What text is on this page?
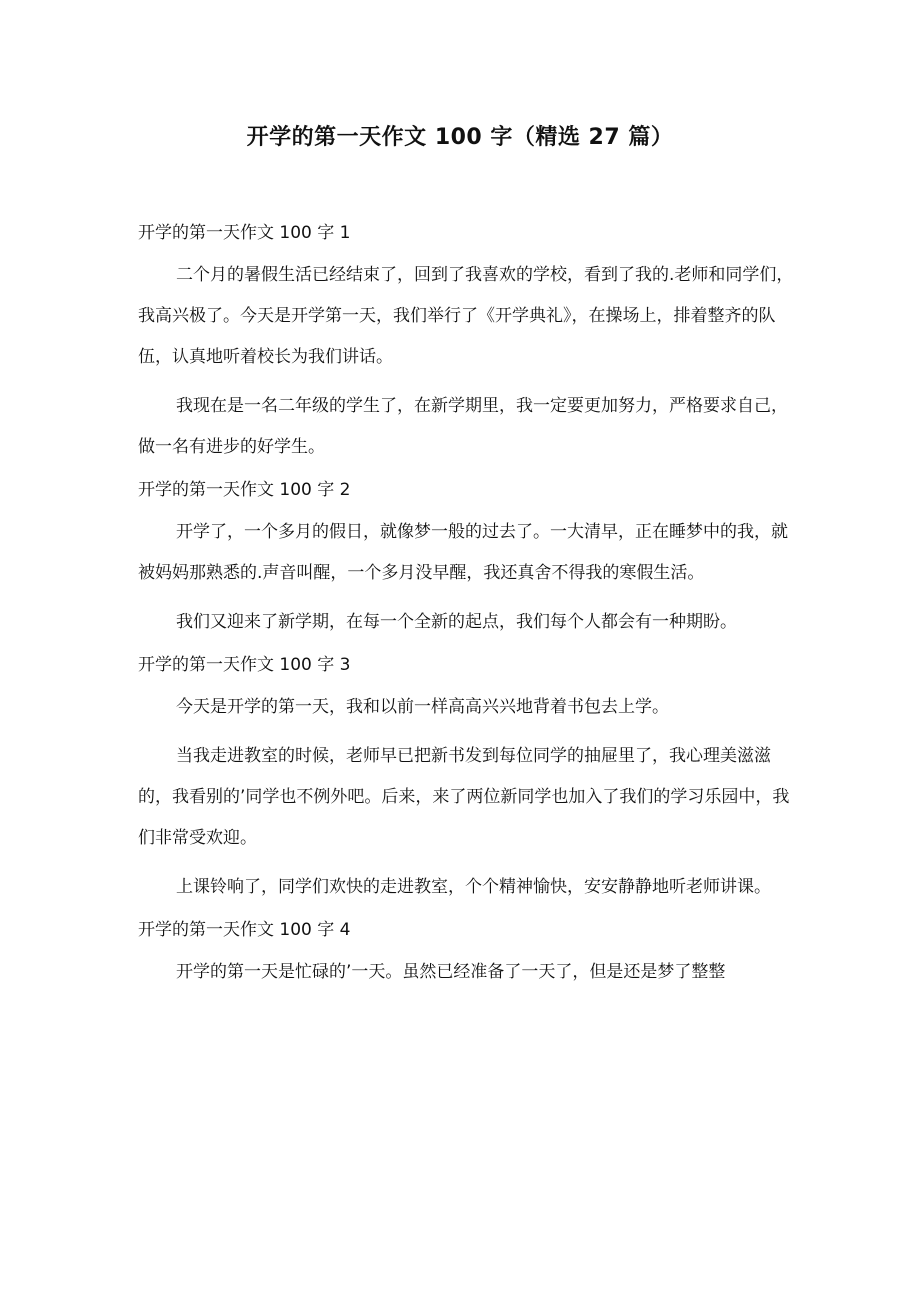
开学的第一天作文 100 字（精选 27 篇）

开学的第一天作文 100 字 1

二个月的暑假生活已经结束了，回到了我喜欢的学校，看到了我的.老师和同学们，我高兴极了。今天是开学第一天，我们举行了《开学典礼》，在操场上，排着整齐的队伍，认真地听着校长为我们讲话。

我现在是一名二年级的学生了，在新学期里，我一定要更加努力，严格要求自己，做一名有进步的好学生。

开学的第一天作文 100 字 2

开学了，一个多月的假日，就像梦一般的过去了。一大清早，正在睡梦中的我，就被妈妈那熟悉的.声音叫醒，一个多月没早醒，我还真舍不得我的寒假生活。

我们又迎来了新学期，在每一个全新的起点，我们每个人都会有一种期盼。

开学的第一天作文 100 字 3

今天是开学的第一天，我和以前一样高高兴兴地背着书包去上学。

当我走进教室的时候，老师早已把新书发到每位同学的抽屉里了，我心理美滋滋的，我看别的’同学也不例外吧。后来，来了两位新同学也加入了我们的学习乐园中，我们非常受欢迎。

上课铃响了，同学们欢快的走进教室，个个精神愉快，安安静静地听老师讲课。

开学的第一天作文 100 字 4

开学的第一天是忙碌的’一天。虽然已经准备了一天了，但是还是梦了整整
